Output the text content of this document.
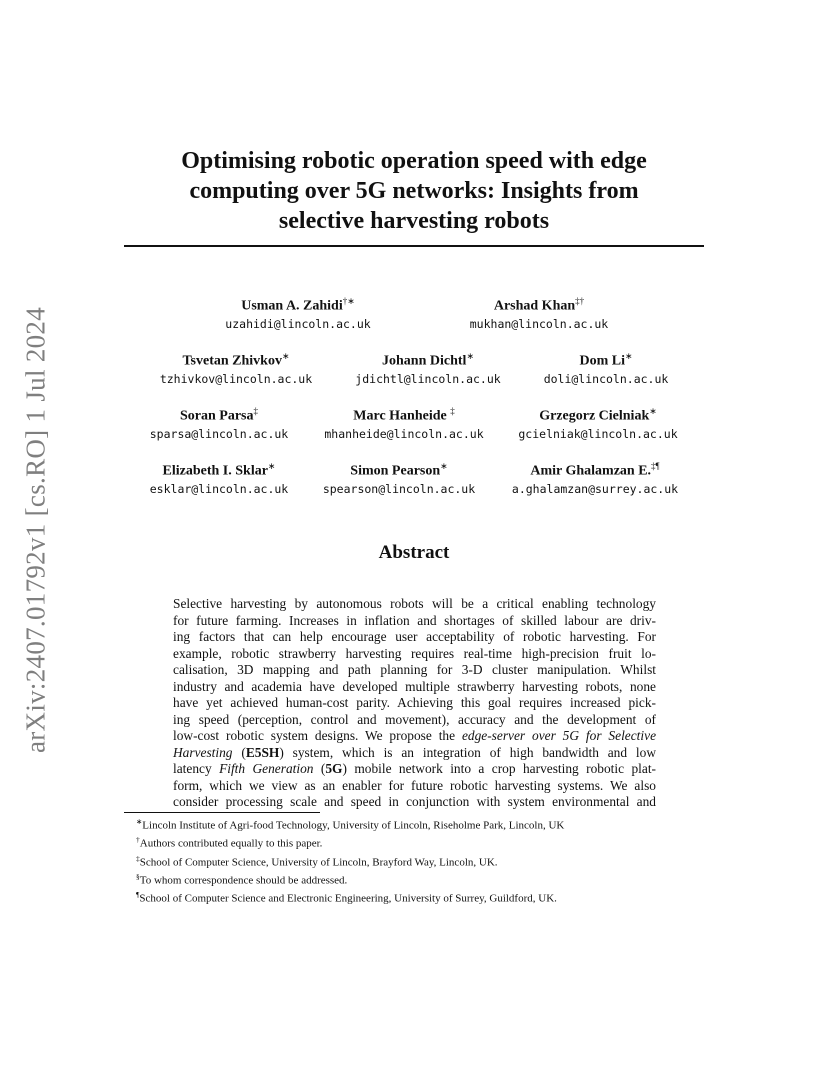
arXiv:2407.01792v1 [cs.RO] 1 Jul 2024
Optimising robotic operation speed with edge
computing over 5G networks: Insights from
selective harvesting robots
Usman A. Zahidi†∗
uzahidi@lincoln.ac.uk
Arshad Khan‡†
mukhan@lincoln.ac.uk
Tsvetan Zhivkov∗
tzhivkov@lincoln.ac.uk
Johann Dichtl∗
jdichtl@lincoln.ac.uk
Dom Li∗
doli@lincoln.ac.uk
Soran Parsa‡
sparsa@lincoln.ac.uk
Marc Hanheide ‡
mhanheide@lincoln.ac.uk
Grzegorz Cielniak∗
gcielniak@lincoln.ac.uk
Elizabeth I. Sklar∗
esklar@lincoln.ac.uk
Simon Pearson∗
spearson@lincoln.ac.uk
Amir Ghalamzan E.‡¶
a.ghalamzan@surrey.ac.uk
Abstract
Selective harvesting by autonomous robots will be a critical enabling technology
for future farming. Increases in inflation and shortages of skilled labour are driv-
ing factors that can help encourage user acceptability of robotic harvesting. For
example, robotic strawberry harvesting requires real-time high-precision fruit lo-
calisation, 3D mapping and path planning for 3-D cluster manipulation. Whilst
industry and academia have developed multiple strawberry harvesting robots, none
have yet achieved human-cost parity. Achieving this goal requires increased pick-
ing speed (perception, control and movement), accuracy and the development of
low-cost robotic system designs. We propose the edge-server over 5G for Selective
Harvesting (E5SH) system, which is an integration of high bandwidth and low
latency Fifth Generation (5G) mobile network into a crop harvesting robotic plat-
form, which we view as an enabler for future robotic harvesting systems. We also
consider processing scale and speed in conjunction with system environmental and
∗Lincoln Institute of Agri-food Technology, University of Lincoln, Riseholme Park, Lincoln, UK
†Authors contributed equally to this paper.
‡School of Computer Science, University of Lincoln, Brayford Way, Lincoln, UK.
§To whom correspondence should be addressed.
¶School of Computer Science and Electronic Engineering, University of Surrey, Guildford, UK.
